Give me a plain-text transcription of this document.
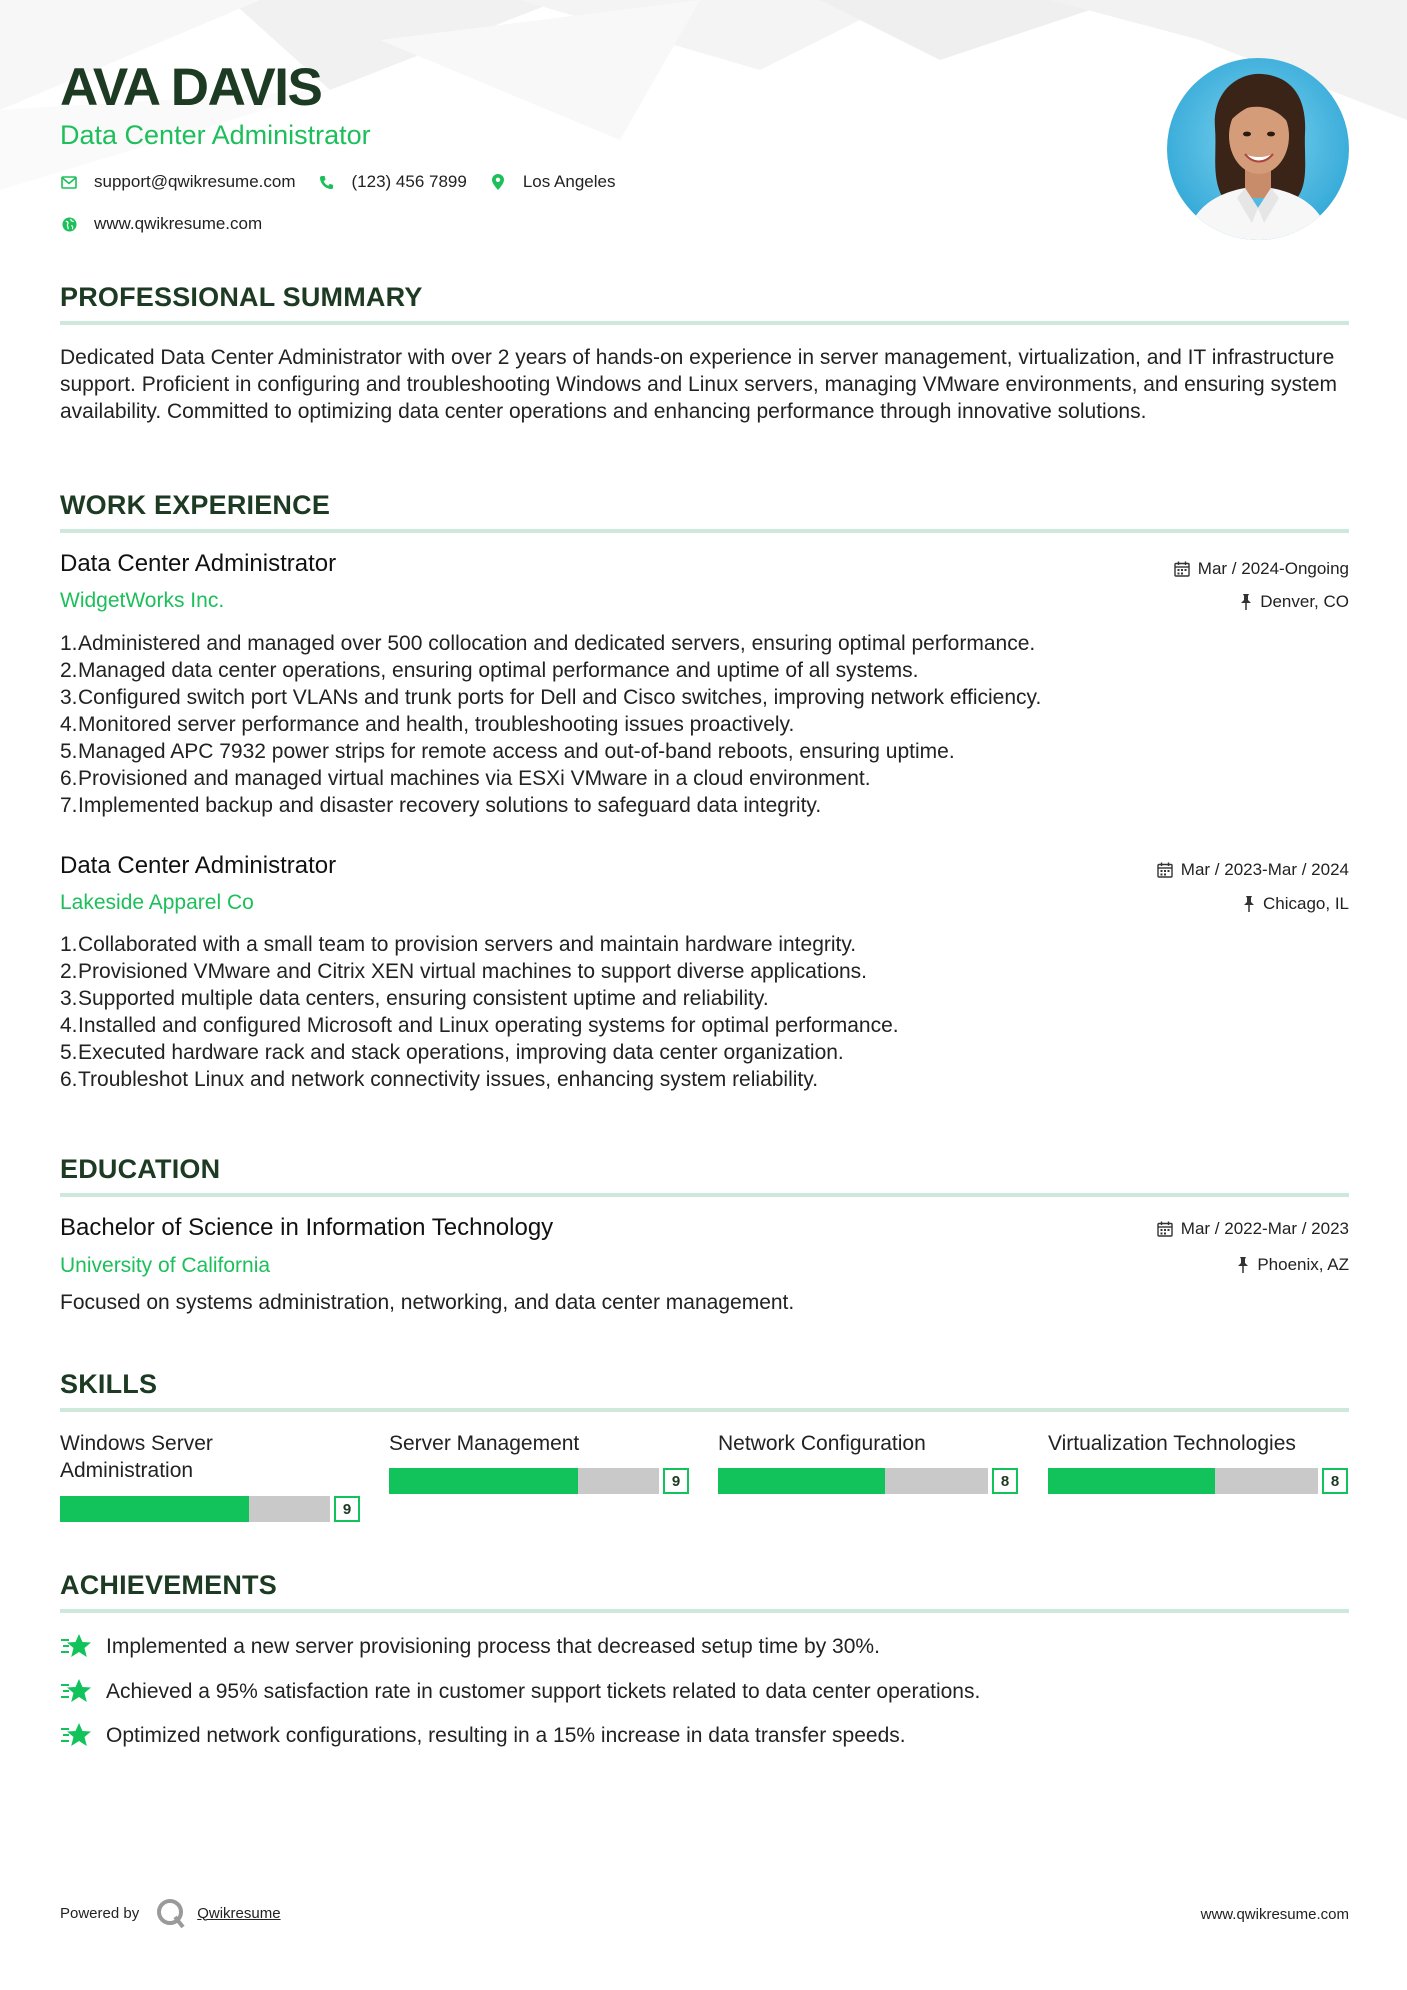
AVA DAVIS
Data Center Administrator
support@qwikresume.com	(123) 456 7899	Los Angeles
www.qwikresume.com
PROFESSIONAL SUMMARY

Dedicated Data Center Administrator with over 2 years of hands-on experience in server management, virtualization, and IT infrastructure support. Proficient in configuring and troubleshooting Windows and Linux servers, managing VMware environments, and ensuring system availability. Committed to optimizing data center operations and enhancing performance through innovative solutions.

WORK EXPERIENCE
Data Center Administrator
WidgetWorks Inc.
Mar / 2024-Ongoing
Denver, CO
1. Administered and managed over 500 collocation and dedicated servers, ensuring optimal performance.
2. Managed data center operations, ensuring optimal performance and uptime of all systems.
3. Configured switch port VLANs and trunk ports for Dell and Cisco switches, improving network efficiency.
4. Monitored server performance and health, troubleshooting issues proactively.
5. Managed APC 7932 power strips for remote access and out-of-band reboots, ensuring uptime.
6. Provisioned and managed virtual machines via ESXi VMware in a cloud environment.
7. Implemented backup and disaster recovery solutions to safeguard data integrity.
Data Center Administrator
Lakeside Apparel Co
Mar / 2023-Mar / 2024
Chicago, IL
1. Collaborated with a small team to provision servers and maintain hardware integrity.
2. Provisioned VMware and Citrix XEN virtual machines to support diverse applications.
3. Supported multiple data centers, ensuring consistent uptime and reliability.
4. Installed and configured Microsoft and Linux operating systems for optimal performance.
5. Executed hardware rack and stack operations, improving data center organization.
6. Troubleshot Linux and network connectivity issues, enhancing system reliability.
EDUCATION
Bachelor of Science in Information Technology
University of California
Mar / 2022-Mar / 2023
Phoenix, AZ
Focused on systems administration, networking, and data center management.
SKILLS
Windows Server Administration
9
Server Management
9
Network Configuration
8
Virtualization Technologies
8
ACHIEVEMENTS
Implemented a new server provisioning process that decreased setup time by 30%.
Achieved a 95% satisfaction rate in customer support tickets related to data center operations.
Optimized network configurations, resulting in a 15% increase in data transfer speeds.
Powered by	Qwikresume	www.qwikresume.com
